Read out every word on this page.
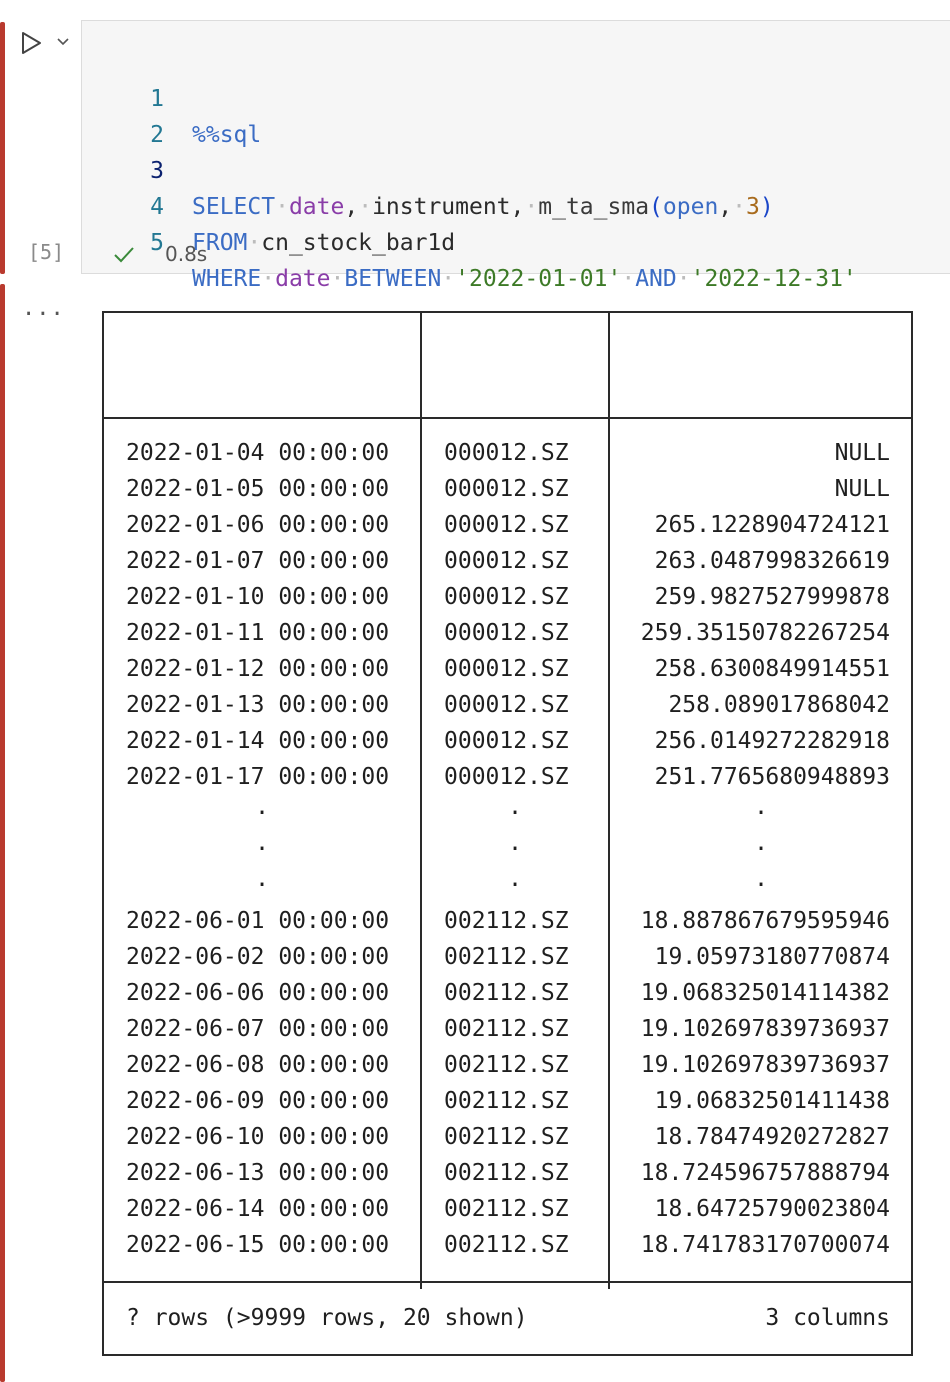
[5]
...

1

%%sql

2

3

SELECT·date,·instrument,·m_ta_sma(open,·3)

4

FROM·cn_stock_bar1d

5

WHERE·date·BETWEEN·'2022-01-01'·AND·'2022-12-31'

0.8s
2022-01-04 00:00:00	000012.SZ	NULL
2022-01-05 00:00:00	000012.SZ	NULL
2022-01-06 00:00:00	000012.SZ	265.1228904724121
2022-01-07 00:00:00	000012.SZ	263.0487998326619
2022-01-10 00:00:00	000012.SZ	259.9827527999878
2022-01-11 00:00:00	000012.SZ	259.35150782267254
2022-01-12 00:00:00	000012.SZ	258.6300849914551
2022-01-13 00:00:00	000012.SZ	258.089017868042
2022-01-14 00:00:00	000012.SZ	256.0149272282918
2022-01-17 00:00:00	000012.SZ	251.7765680948893
.	.	.
.	.	.
.	.	.
2022-06-01 00:00:00	002112.SZ	18.887867679595946
2022-06-02 00:00:00	002112.SZ	19.05973180770874
2022-06-06 00:00:00	002112.SZ	19.068325014114382
2022-06-07 00:00:00	002112.SZ	19.102697839736937
2022-06-08 00:00:00	002112.SZ	19.102697839736937
2022-06-09 00:00:00	002112.SZ	19.06832501411438
2022-06-10 00:00:00	002112.SZ	18.78474920272827
2022-06-13 00:00:00	002112.SZ	18.724596757888794
2022-06-14 00:00:00	002112.SZ	18.64725790023804
2022-06-15 00:00:00	002112.SZ	18.741783170700074
? rows (>9999 rows, 20 shown)	3 columns
